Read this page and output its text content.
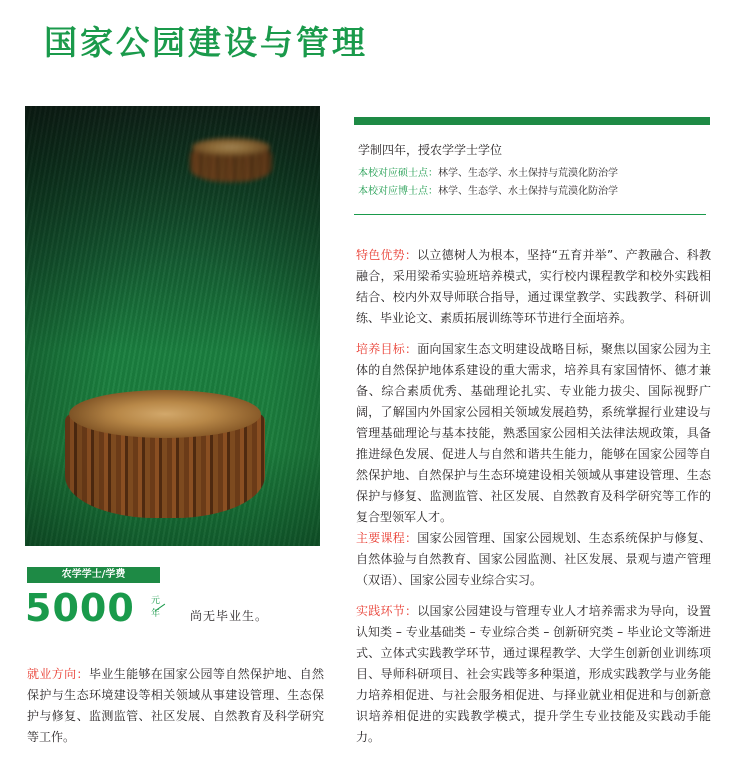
国家公园建设与管理
农学学士/学费
5000 元
年	尚无毕业生。
就业方向：毕业生能够在国家公园等自然保护地、自然保护与生态环境建设等相关领域从事建设管理、生态保护与修复、监测监管、社区发展、自然教育及科学研究等工作。
学制四年，授农学学士学位
本校对应硕士点：林学、生态学、水土保持与荒漠化防治学
本校对应博士点：林学、生态学、水土保持与荒漠化防治学
特色优势：以立德树人为根本，坚持“五育并举”、产教融合、科教融合，采用梁希实验班培养模式，实行校内课程教学和校外实践相结合、校内外双导师联合指导，通过课堂教学、实践教学、科研训练、毕业论文、素质拓展训练等环节进行全面培养。
培养目标：面向国家生态文明建设战略目标，聚焦以国家公园为主体的自然保护地体系建设的重大需求，培养具有家国情怀、德才兼备、综合素质优秀、基础理论扎实、专业能力拔尖、国际视野广阔，了解国内外国家公园相关领域发展趋势，系统掌握行业建设与管理基础理论与基本技能，熟悉国家公园相关法律法规政策，具备推进绿色发展、促进人与自然和谐共生能力，能够在国家公园等自然保护地、自然保护与生态环境建设相关领域从事建设管理、生态保护与修复、监测监管、社区发展、自然教育及科学研究等工作的复合型领军人才。
主要课程：国家公园管理、国家公园规划、生态系统保护与修复、自然体验与自然教育、国家公园监测、社区发展、景观与遗产管理（双语）、国家公园专业综合实习。
实践环节：以国家公园建设与管理专业人才培养需求为导向，设置认知类 – 专业基础类 – 专业综合类 – 创新研究类 – 毕业论文等渐进式、立体式实践教学环节，通过课程教学、大学生创新创业训练项目、导师科研项目、社会实践等多种渠道，形成实践教学与业务能力培养相促进、与社会服务相促进、与择业就业相促进和与创新意识培养相促进的实践教学模式，提升学生专业技能及实践动手能力。
